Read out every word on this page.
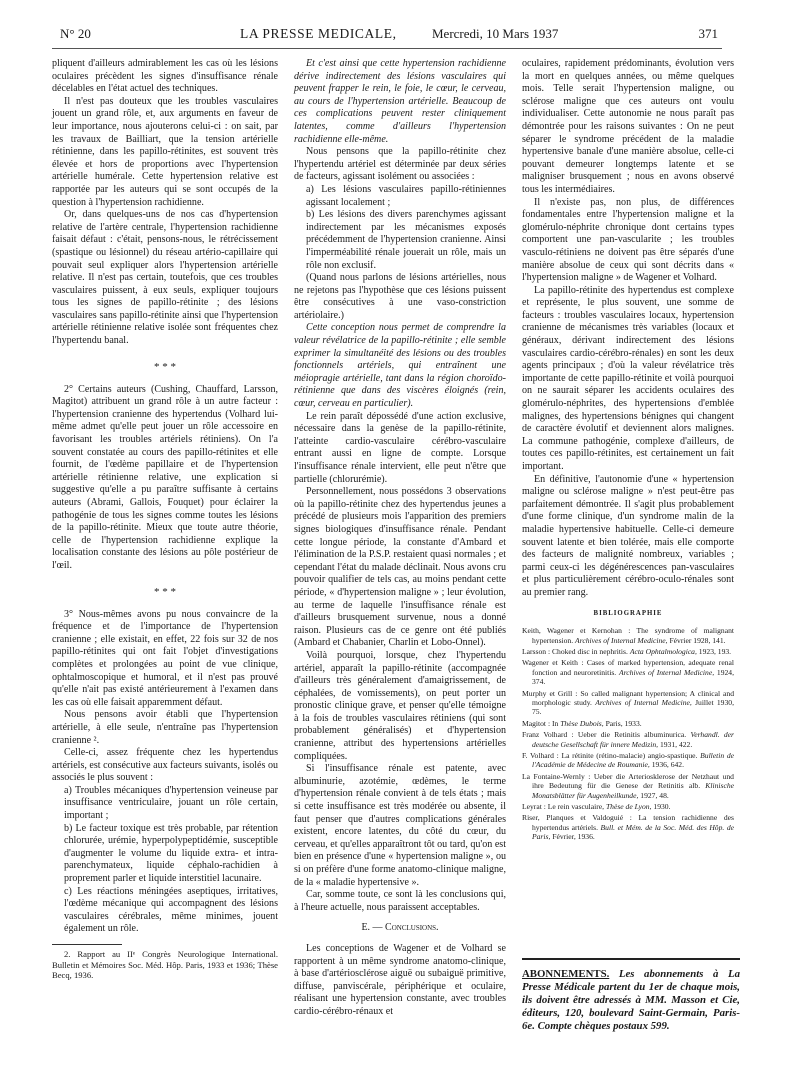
N° 20	LA PRESSE MEDICALE,	Mercredi, 10 Mars 1937	371

pliquent d'ailleurs admirablement les cas où les lésions oculaires précèdent les signes d'insuffisance rénale décelables en l'état actuel des techniques.

Il n'est pas douteux que les troubles vasculaires jouent un grand rôle, et, aux arguments en faveur de leur importance, nous ajouterons celui-ci : on sait, par les travaux de Bailliart, que la tension artérielle rétinienne, dans les papillo-rétinites, est souvent très élevée et hors de proportions avec l'hypertension artérielle humérale. Cette hypertension relative est rapportée par les auteurs qui se sont occupés de la question à l'hypertension rachidienne.

Or, dans quelques-uns de nos cas d'hypertension relative de l'artère centrale, l'hypertension rachidienne faisait défaut : c'était, pensons-nous, le rétrécissement (spastique ou lésionnel) du réseau artério-capillaire qui pouvait seul expliquer alors l'hypertension artérielle relative. Il n'est pas certain, toutefois, que ces troubles vasculaires puissent, à eux seuls, expliquer toujours tous les signes de papillo-rétinite ; des lésions vasculaires sans papillo-rétinite ainsi que l'hypertension artérielle rétinienne relative isolée sont fréquentes chez l'hypertendu banal.

* * *

2° Certains auteurs (Cushing, Chauffard, Larsson, Magitot) attribuent un grand rôle à un autre facteur : l'hypertension cranienne des hypertendus (Volhard lui-même admet qu'elle peut jouer un rôle accessoire en favorisant les troubles artériels rétiniens). On l'a souvent constatée au cours des papillo-rétinites et elle fournit, de l'œdème papillaire et de l'hypertension artérielle rétinienne relative, une explication si suggestive qu'elle a pu paraître suffisante à certains auteurs (Abrami, Gallois, Fouquet) pour éclairer la pathogénie de tous les signes comme toutes les lésions de la papillo-rétinite. Mieux que toute autre théorie, celle de l'hypertension rachidienne explique la localisation constante des lésions au pôle postérieur de l'œil.

* * *

3° Nous-mêmes avons pu nous convaincre de la fréquence et de l'importance de l'hypertension cranienne ; elle existait, en effet, 22 fois sur 32 de nos papillo-rétinites qui ont fait l'objet d'investigations complètes et prolongées au point de vue clinique, ophtalmoscopique et humoral, et il n'est pas prouvé qu'elle n'ait pas existé antérieurement à l'examen dans les cas où elle faisait apparemment défaut.

Nous pensons avoir établi que l'hypertension artérielle, à elle seule, n'entraîne pas l'hypertension cranienne ².

Celle-ci, assez fréquente chez les hypertendus artériels, est consécutive aux facteurs suivants, isolés ou associés le plus souvent :

a) Troubles mécaniques d'hypertension veineuse par insuffisance ventriculaire, jouant un rôle certain, important ;

b) Le facteur toxique est très probable, par rétention chlorurée, urémie, hyperpolypeptidémie, susceptible d'augmenter le volume du liquide extra- et intra-parenchymateux, liquide céphalo-rachidien à proprement parler et liquide interstitiel lacunaire.

c) Les réactions méningées aseptiques, irritatives, l'œdème mécanique qui accompagnent des lésions vasculaires cérébrales, même minimes, jouent également un rôle.

2. Rapport au IIᵉ Congrès Neurologique International. Bulletin et Mémoires Soc. Méd. Hôp. Paris, 1933 et 1936; Thèse Becq, 1936.

Et c'est ainsi que cette hypertension rachidienne dérive indirectement des lésions vasculaires qui peuvent frapper le rein, le foie, le cœur, le cerveau, au cours de l'hypertension artérielle. Beaucoup de ces complications peuvent rester cliniquement latentes, comme d'ailleurs l'hypertension rachidienne elle-même.

Nous pensons que la papillo-rétinite chez l'hypertendu artériel est déterminée par deux séries de facteurs, agissant isolément ou associées :

a) Les lésions vasculaires papillo-rétiniennes agissant localement ;

b) Les lésions des divers parenchymes agissant indirectement par les mécanismes exposés précédemment de l'hypertension cranienne. Ainsi l'imperméabilité rénale jouerait un rôle, mais un rôle non exclusif.

(Quand nous parlons de lésions artérielles, nous ne rejetons pas l'hypothèse que ces lésions puissent être consécutives à une vaso-constriction artériolaire.)

Cette conception nous permet de comprendre la valeur révélatrice de la papillo-rétinite ; elle semble exprimer la simultanéité des lésions ou des troubles fonctionnels artériels, qui entraînent une méiopragie artérielle, tant dans la région choroïdo-rétinienne que dans des viscères éloignés (rein, cœur, cerveau en particulier).

Le rein paraît dépossédé d'une action exclusive, nécessaire dans la genèse de la papillo-rétinite, l'atteinte cardio-vasculaire cérébro-vasculaire entrant aussi en ligne de compte. Lorsque l'insuffisance rénale intervient, elle peut n'être que partielle (chlorurémie).

Personnellement, nous possédons 3 observations où la papillo-rétinite chez des hypertendus jeunes a précédé de plusieurs mois l'apparition des premiers signes biologiques d'insuffisance rénale. Pendant cette longue période, la constante d'Ambard et l'élimination de la P.S.P. restaient quasi normales ; et cependant l'état du malade déclinait. Nous avons cru pouvoir qualifier de tels cas, au moins pendant cette période, « d'hypertension maligne » ; leur évolution, au terme de laquelle l'insuffisance rénale est d'ailleurs brusquement survenue, nous a donné raison. Plusieurs cas de ce genre ont été publiés (Ambard et Chabanier, Charlin et Lobo-Onnel).

Voilà pourquoi, lorsque, chez l'hypertendu artériel, apparaît la papillo-rétinite (accompagnée d'ailleurs très généralement d'amaigrissement, de céphalées, de vomissements), on peut porter un pronostic clinique grave, et penser qu'elle témoigne à la fois de troubles vasculaires rétiniens (qui sont probablement généralisés) et d'hypertension cranienne, attribut des hypertensions artérielles compliquées.

Si l'insuffisance rénale est patente, avec albuminurie, azotémie, œdèmes, le terme d'hypertension rénale convient à de tels états ; mais si cette insuffisance est très modérée ou absente, il faut penser que d'autres complications générales existent, encore latentes, du côté du cœur, du cerveau, et qu'elles apparaîtront tôt ou tard, qu'on est bien en présence d'une « hypertension maligne », ou si on préfère d'une forme anatomo-clinique maligne, de la « maladie hypertensive ».

Car, somme toute, ce sont là les conclusions qui, à l'heure actuelle, nous paraissent acceptables.

E. — Conclusions.

Les conceptions de Wagener et de Volhard se rapportent à un même syndrome anatomo-clinique, à base d'artériosclérose aiguë ou subaiguë primitive, diffuse, panviscérale, périphérique et oculaire, réalisant une hypertension constante, avec troubles cardio-cérébro-rénaux et

oculaires, rapidement prédominants, évolution vers la mort en quelques années, ou même quelques mois. Telle serait l'hypertension maligne, ou sclérose maligne que ces auteurs ont voulu individualiser. Cette autonomie ne nous paraît pas démontrée pour les raisons suivantes : On ne peut séparer le syndrome précédent de la maladie hypertensive banale d'une manière absolue, celle-ci pouvant demeurer longtemps latente et se maligniser brusquement ; nous en avons observé tous les intermédiaires.

Il n'existe pas, non plus, de différences fondamentales entre l'hypertension maligne et la glomérulo-néphrite chronique dont certains types comportent une pan-vascularite ; les troubles vasculo-rétiniens ne doivent pas être séparés d'une manière absolue de ceux qui sont décrits dans « l'hypertension maligne » de Wagener et Volhard.

La papillo-rétinite des hypertendus est complexe et représente, le plus souvent, une somme de facteurs : troubles vasculaires locaux, hypertension cranienne de mécanismes très variables (locaux et généraux, dérivant indirectement des lésions vasculaires cardio-cérébro-rénales) en sont les deux agents principaux ; d'où la valeur révélatrice très importante de cette papillo-rétinite et voilà pourquoi on ne saurait séparer les accidents oculaires des glomérulo-néphrites, des hypertensions d'emblée malignes, des hypertensions bénignes qui changent de caractère évolutif et deviennent alors malignes. La commune pathogénie, complexe d'ailleurs, de toutes ces papillo-rétinites, est certainement un fait important.

En définitive, l'autonomie d'une « hypertension maligne ou sclérose maligne » n'est peut-être pas parfaitement démontrée. Il s'agit plus probablement d'une forme clinique, d'un syndrome malin de la maladie hypertensive habituelle. Celle-ci demeure souvent latente et bien tolérée, mais elle comporte des facteurs de malignité nombreux, variables ; parmi ceux-ci les dégénérescences pan-vasculaires et plus particulièrement cérébro-oculo-rénales sont au premier rang.

BIBLIOGRAPHIE
Keith, Wagener et Kernohan : The syndrome of malignant hypertension. Archives of Internal Medicine, Février 1928, 141.
Larsson : Choked disc in nephritis. Acta Ophtalmologica, 1923, 193.
Wagener et Keith : Cases of marked hypertension, adequate renal fonction and neuroretinitis. Archives of Internal Medicine, 1924, 374.
Murphy et Grill : So called malignant hypertension; A clinical and morphologic study. Archives of Internal Medicine, Juillet 1930, 75.
Magitot : In Thèse Dubois, Paris, 1933.
Franz Volhard : Ueber die Retinitis albuminurica. Verhandl. der deutsche Gesellschaft für innere Medizin, 1931, 422.
F. Volhard : La rétinite (rétino-malacie) angio-spastique. Bulletin de l'Académie de Médecine de Roumanie, 1936, 642.
La Fontaine-Wernly : Ueber die Arteriosklerose der Netzhaut und ihre Bedeutung für die Genese der Retinitis alb. Klinische Monatsblätter für Augenheilkunde, 1927, 48.
Leyrat : Le rein vasculaire, Thèse de Lyon, 1930.
Riser, Planques et Valdoguié : La tension rachidienne des hypertendus artériels. Bull. et Mém. de la Soc. Méd. des Hôp. de Paris, Février, 1936.
ABONNEMENTS. Les abonnements à La Presse Médicale partent du 1er de chaque mois, ils doivent être adressés à MM. Masson et Cie, éditeurs, 120, boulevard Saint-Germain, Paris-6e. Compte chèques postaux 599.
